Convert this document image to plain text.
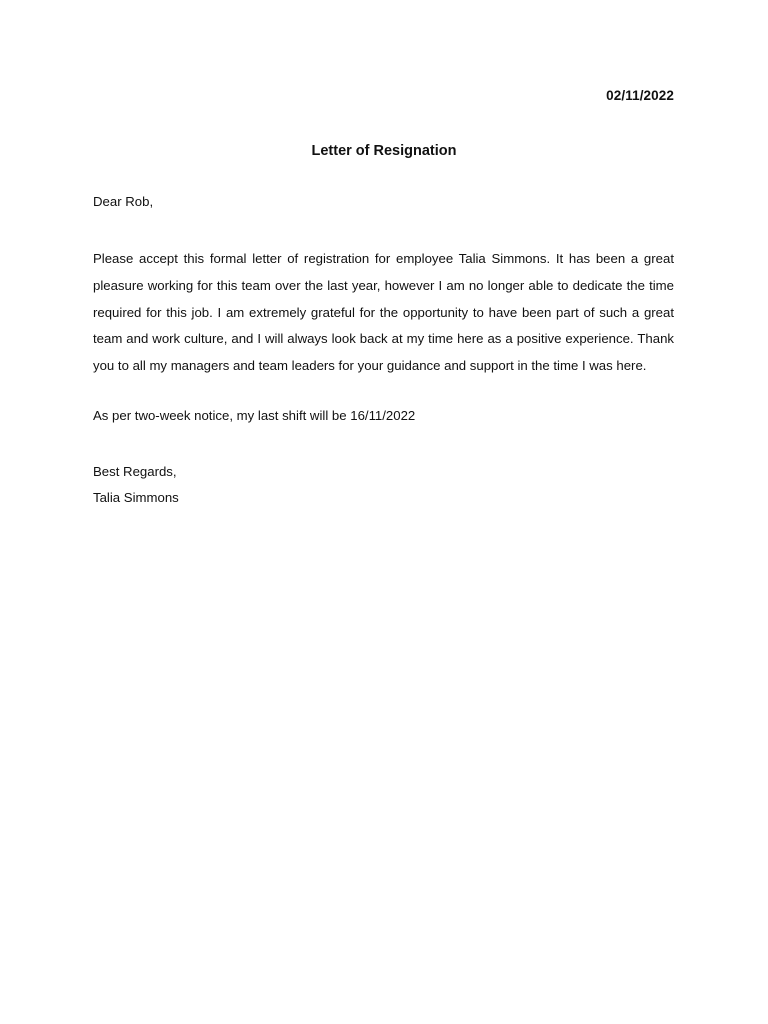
02/11/2022
Letter of Resignation

Dear Rob,

Please accept this formal letter of registration for employee Talia Simmons. It has been a great pleasure working for this team over the last year, however I am no longer able to dedicate the time required for this job. I am extremely grateful for the opportunity to have been part of such a great team and work culture, and I will always look back at my time here as a positive experience. Thank you to all my managers and team leaders for your guidance and support in the time I was here.

As per two-week notice, my last shift will be 16/11/2022

Best Regards,
Talia Simmons
